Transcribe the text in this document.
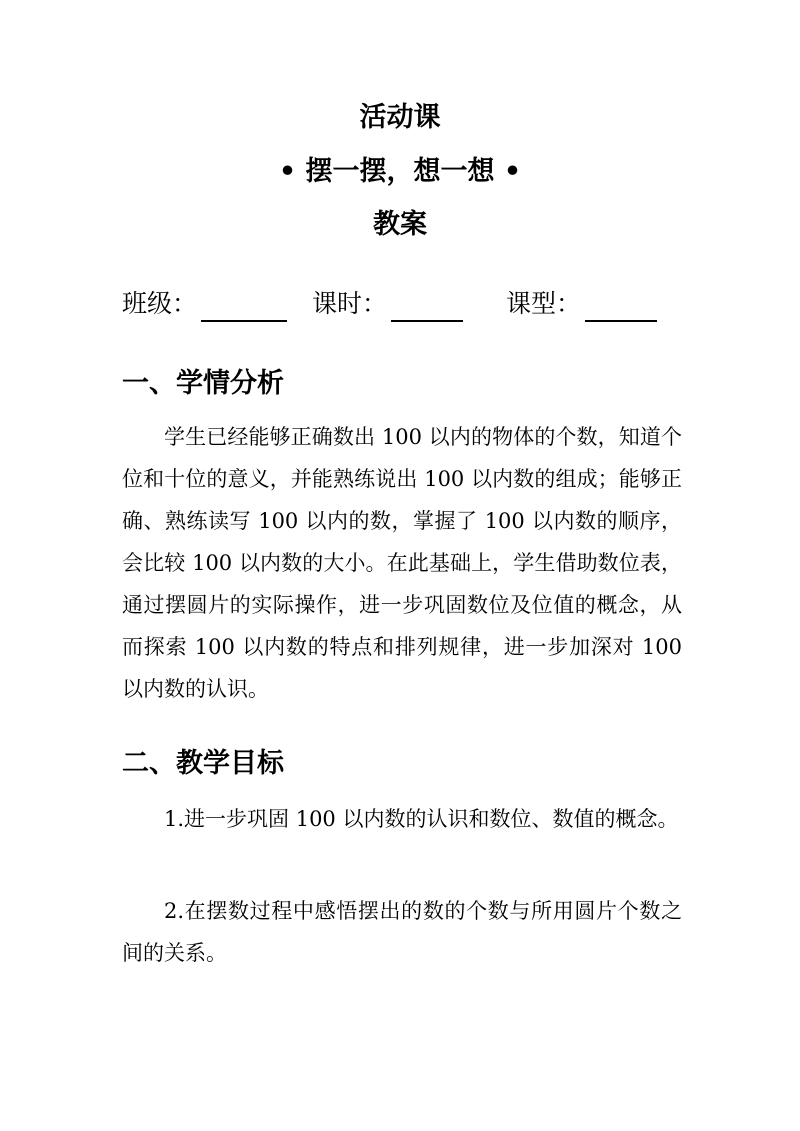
活动课
• 摆一摆，想一想 •
教案
班级：	课时：	课型：
一、学情分析
学生已经能够正确数出 100 以内的物体的个数，知道个位和十位的意义，并能熟练说出 100 以内数的组成；能够正确、熟练读写 100 以内的数，掌握了 100 以内数的顺序，会比较 100 以内数的大小。在此基础上，学生借助数位表，通过摆圆片的实际操作，进一步巩固数位及位值的概念，从而探索 100 以内数的特点和排列规律，进一步加深对 100 以内数的认识。
二、教学目标
1.进一步巩固 100 以内数的认识和数位、数值的概念。
2.在摆数过程中感悟摆出的数的个数与所用圆片个数之间的关系。
